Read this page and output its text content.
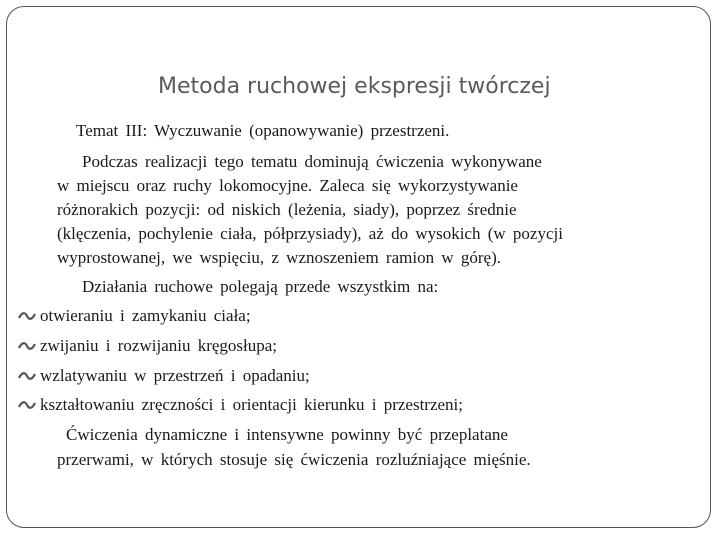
Metoda ruchowej ekspresji twórczej
Temat III: Wyczuwanie (opanowywanie) przestrzeni.
Podczas realizacji tego tematu dominują ćwiczenia wykonywane
w miejscu oraz ruchy lokomocyjne. Zaleca się wykorzystywanie
różnorakich pozycji: od niskich (leżenia, siady), poprzez średnie
(klęczenia, pochylenie ciała, półprzysiady), aż do wysokich (w pozycji
wyprostowanej, we wspięciu, z wznoszeniem ramion w górę).
Działania ruchowe polegają przede wszystkim na:
otwieraniu i zamykaniu ciała;
zwijaniu i rozwijaniu kręgosłupa;
wzlatywaniu w przestrzeń i opadaniu;
kształtowaniu zręczności i orientacji kierunku i przestrzeni;
Ćwiczenia dynamiczne i intensywne powinny być przeplatane
przerwami, w których stosuje się ćwiczenia rozluźniające mięśnie.
